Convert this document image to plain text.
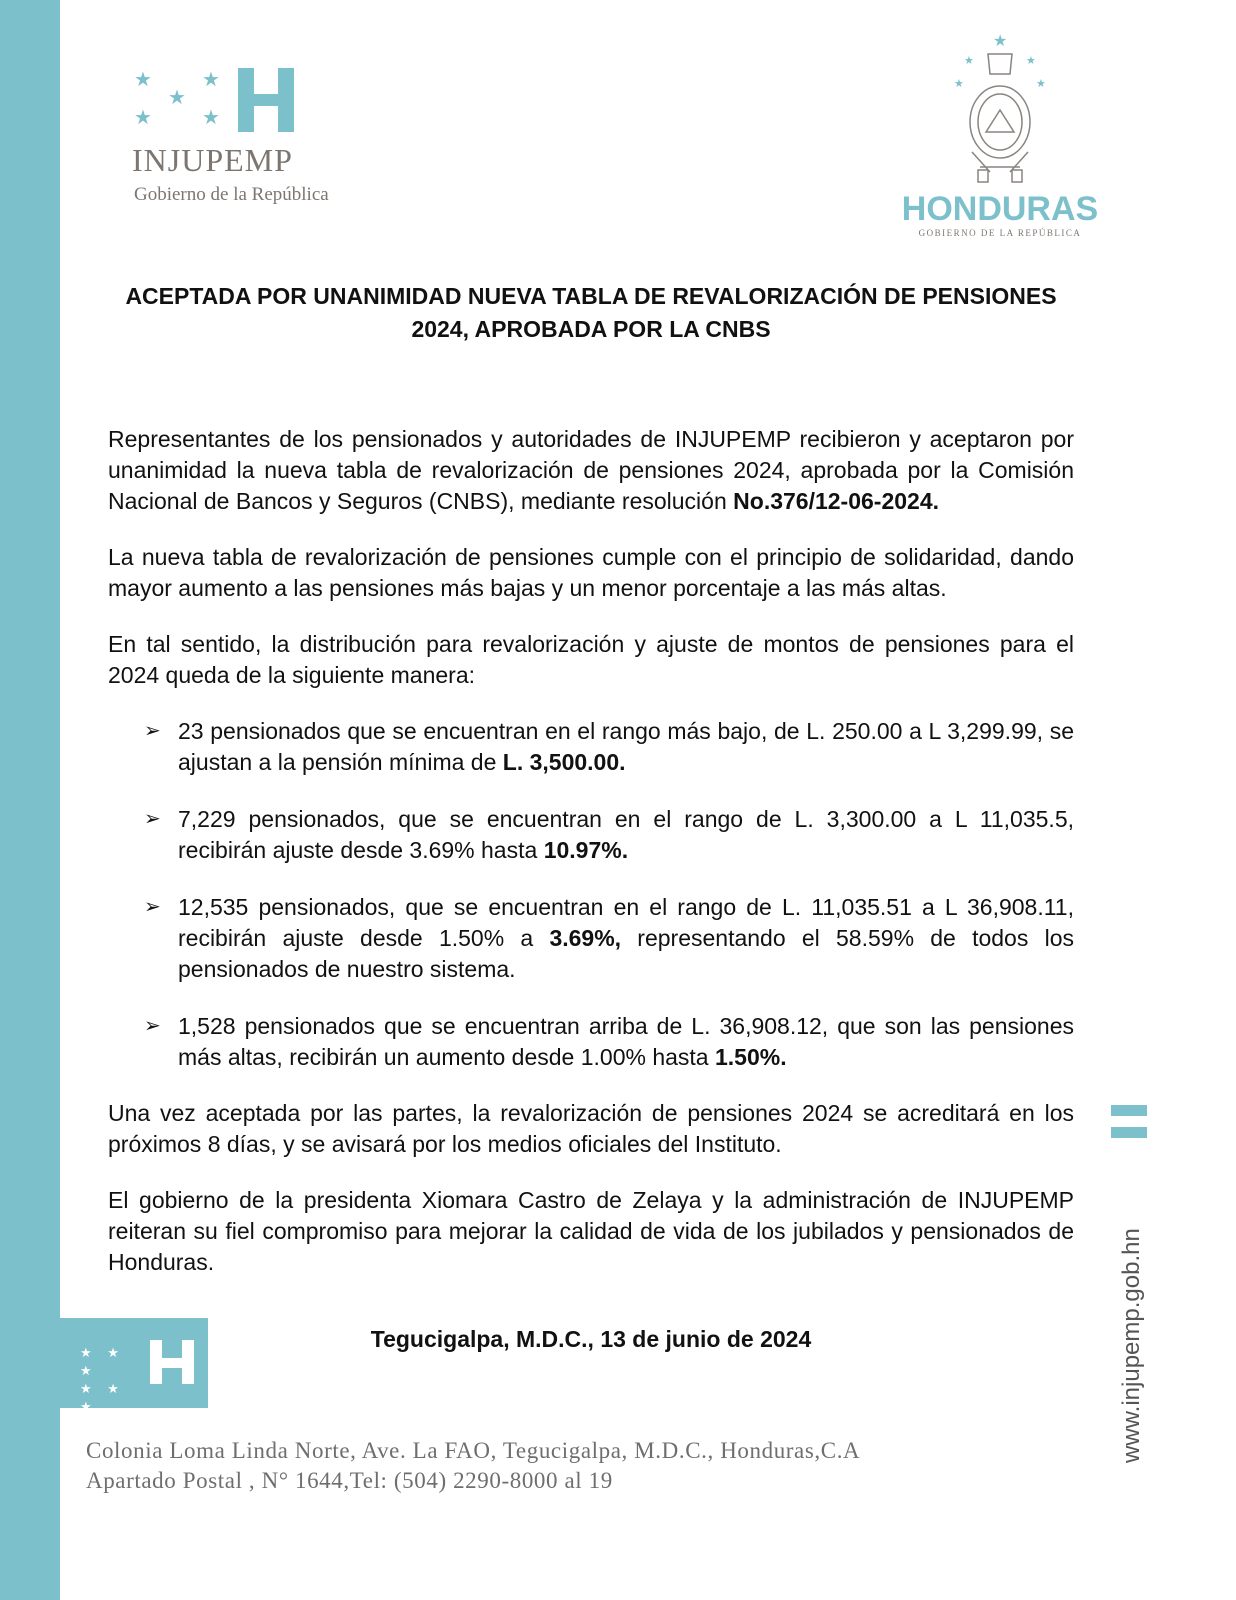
★ ★ ★
★ ★ ★
★	★
★
★	★
INJUPEMP
Gobierno de la República
★
★	★
★	★
HONDURAS
GOBIERNO DE LA REPÚBLICA
ACEPTADA POR UNANIMIDAD NUEVA TABLA DE REVALORIZACIÓN DE PENSIONES
2024, APROBADA POR LA CNBS

Representantes de los pensionados y autoridades de INJUPEMP recibieron y aceptaron por unanimidad la nueva tabla de revalorización de pensiones 2024, aprobada por la Comisión Nacional de Bancos y Seguros (CNBS), mediante resolución No.376/12-06-2024.

La nueva tabla de revalorización de pensiones cumple con el principio de solidaridad, dando mayor aumento a las pensiones más bajas y un menor porcentaje a las más altas.

En tal sentido, la distribución para revalorización y ajuste de montos de pensiones para el 2024 queda de la siguiente manera:

➢ 23 pensionados que se encuentran en el rango más bajo, de L. 250.00 a L 3,299.99, se ajustan a la pensión mínima de L. 3,500.00.

➢ 7,229 pensionados, que se encuentran en el rango de L. 3,300.00 a L 11,035.5, recibirán ajuste desde 3.69% hasta 10.97%.

➢ 12,535 pensionados, que se encuentran en el rango de L. 11,035.51 a L 36,908.11, recibirán ajuste desde 1.50% a 3.69%, representando el 58.59% de todos los pensionados de nuestro sistema.

➢ 1,528 pensionados que se encuentran arriba de L. 36,908.12, que son las pensiones más altas, recibirán un aumento desde 1.00% hasta 1.50%.

Una vez aceptada por las partes, la revalorización de pensiones 2024 se acreditará en los próximos 8 días, y se avisará por los medios oficiales del Instituto.

El gobierno de la presidenta Xiomara Castro de Zelaya y la administración de INJUPEMP reiteran su fiel compromiso para mejorar la calidad de vida de los jubilados y pensionados de Honduras.

Tegucigalpa, M.D.C., 13 de junio de 2024
Colonia Loma Linda Norte, Ave. La FAO, Tegucigalpa, M.D.C., Honduras,C.A
Apartado Postal , N° 1644,Tel: (504) 2290-8000 al 19
www.injupemp.gob.hn
